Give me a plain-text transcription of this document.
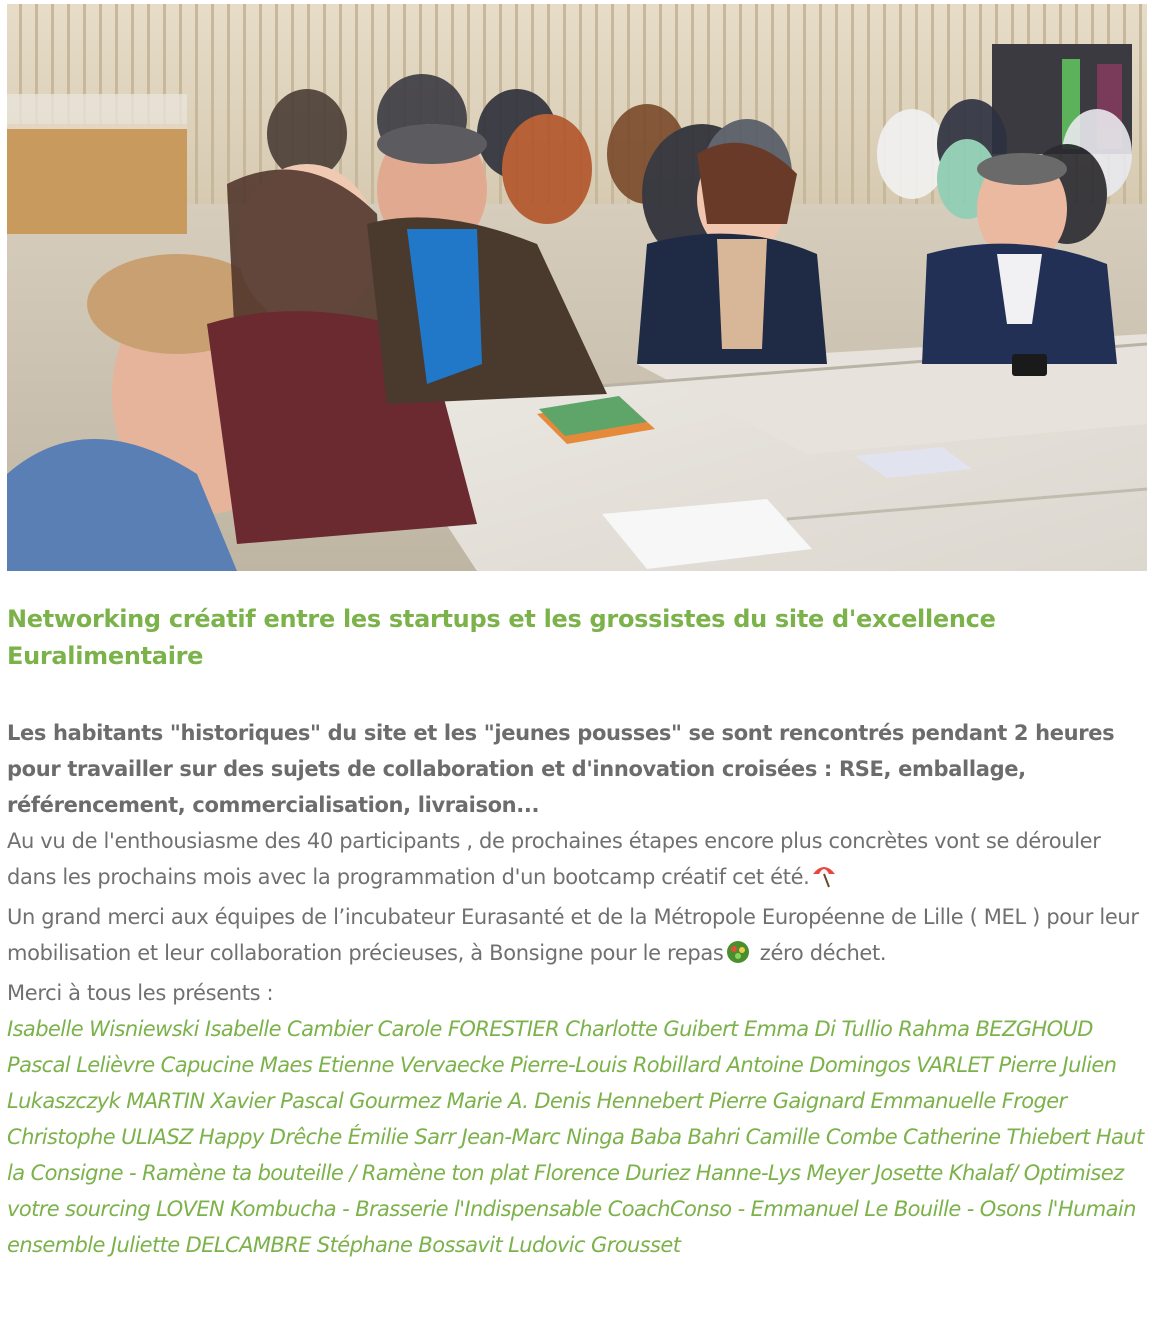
Networking créatif entre les startups et les grossistes du site d'excellence Euralimentaire

Les habitants "historiques" du site et les "jeunes pousses" se sont rencontrés pendant 2 heures pour travailler sur des sujets de collaboration et d'innovation croisées : RSE, emballage, référencement, commercialisation, livraison...

Au vu de l'enthousiasme des 40 participants , de prochaines étapes encore plus concrètes vont se dérouler dans les prochains mois avec la programmation d'un bootcamp créatif cet été.

Un grand merci aux équipes de l’incubateur Eurasanté et de la Métropole Européenne de Lille ( MEL ) pour leur mobilisation et leur collaboration précieuses, à Bonsigne pour le repas zéro déchet.

Merci à tous les présents :

Isabelle Wisniewski Isabelle Cambier Carole FORESTIER Charlotte Guibert Emma Di Tullio Rahma BEZGHOUD Pascal Lelièvre Capucine Maes Etienne Vervaecke Pierre-Louis Robillard Antoine Domingos VARLET Pierre Julien Lukaszczyk MARTIN Xavier Pascal Gourmez Marie A. Denis Hennebert Pierre Gaignard Emmanuelle Froger Christophe ULIASZ Happy Drêche Émilie Sarr Jean-Marc Ninga Baba Bahri Camille Combe Catherine Thiebert Haut la Consigne - Ramène ta bouteille / Ramène ton plat Florence Duriez Hanne-Lys Meyer Josette Khalaf/ Optimisez votre sourcing LOVEN Kombucha - Brasserie l'Indispensable CoachConso - Emmanuel Le Bouille - Osons l'Humain ensemble Juliette DELCAMBRE Stéphane Bossavit Ludovic Grousset
